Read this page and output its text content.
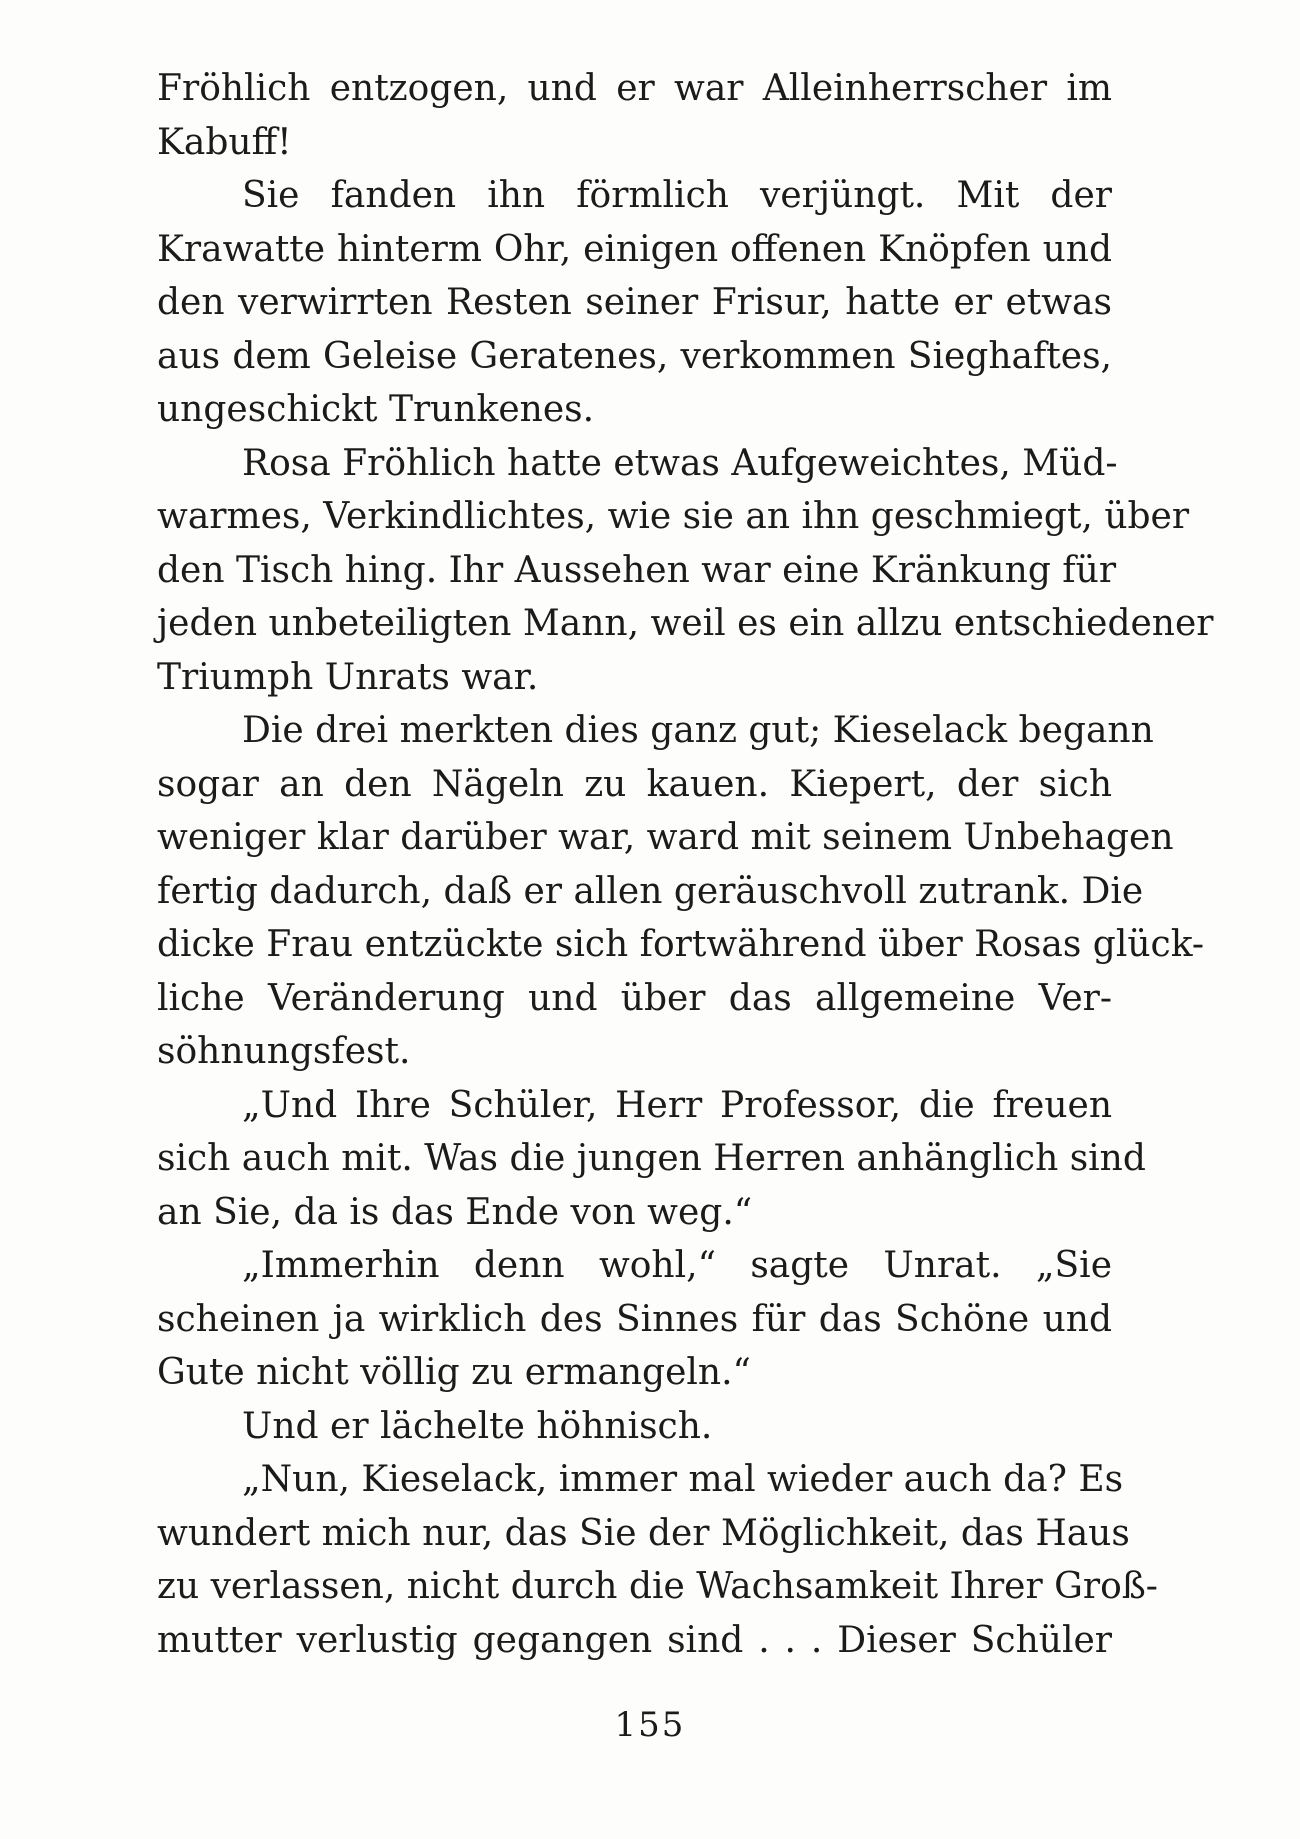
Fröhlich entzogen, und er war Alleinherrscher im
Kabuff!
Sie fanden ihn förmlich verjüngt. Mit der
Krawatte hinterm Ohr, einigen offenen Knöpfen und
den verwirrten Resten seiner Frisur, hatte er etwas
aus dem Geleise Geratenes, verkommen Sieghaftes,
ungeschickt Trunkenes.
Rosa Fröhlich hatte etwas Aufgeweichtes, Müd-
warmes, Verkindlichtes, wie sie an ihn geschmiegt, über
den Tisch hing. Ihr Aussehen war eine Kränkung für
jeden unbeteiligten Mann, weil es ein allzu entschiedener
Triumph Unrats war.
Die drei merkten dies ganz gut; Kieselack begann
sogar an den Nägeln zu kauen. Kiepert, der sich
weniger klar darüber war, ward mit seinem Unbehagen
fertig dadurch, daß er allen geräuschvoll zutrank. Die
dicke Frau entzückte sich fortwährend über Rosas glück-
liche Veränderung und über das allgemeine Ver-
söhnungsfest.
„Und Ihre Schüler, Herr Professor, die freuen
sich auch mit. Was die jungen Herren anhänglich sind
an Sie, da is das Ende von weg.“
„Immerhin denn wohl,“ sagte Unrat. „Sie
scheinen ja wirklich des Sinnes für das Schöne und
Gute nicht völlig zu ermangeln.“
Und er lächelte höhnisch.
„Nun, Kieselack, immer mal wieder auch da? Es
wundert mich nur, das Sie der Möglichkeit, das Haus
zu verlassen, nicht durch die Wachsamkeit Ihrer Groß-
mutter verlustig gegangen sind . . . Dieser Schüler
155
